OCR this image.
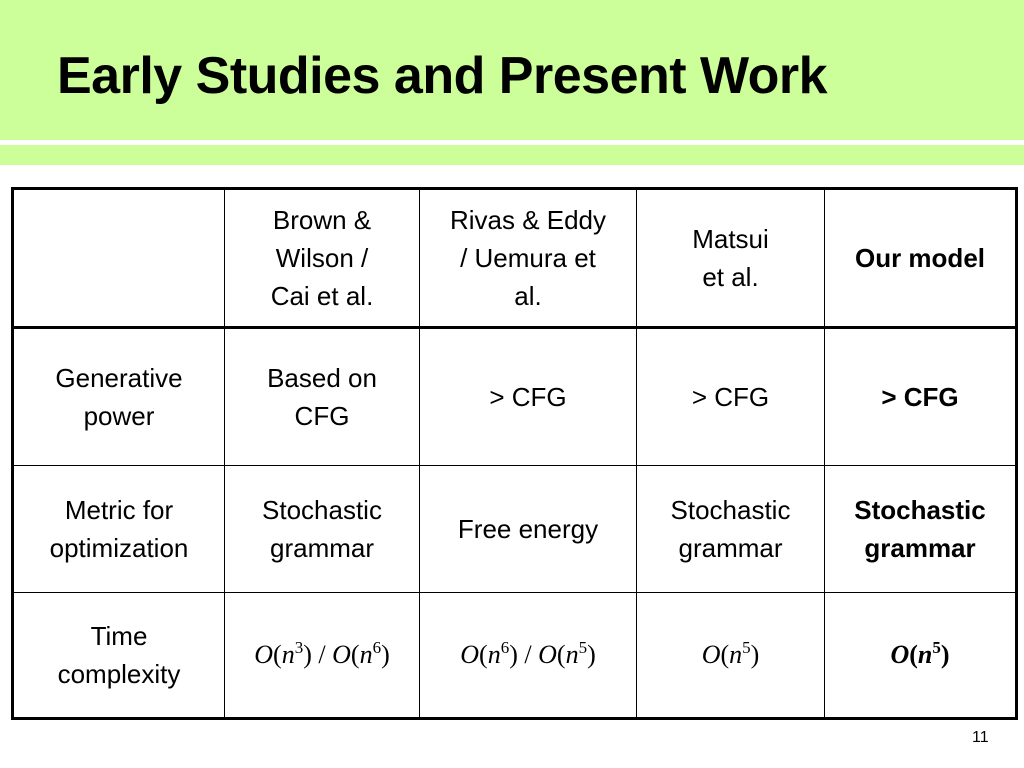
Early Studies and Present Work
	Brown &
Wilson /
Cai et al.	Rivas & Eddy
/ Uemura et
al.	Matsui
et al.	Our model
Generative
power	Based on
CFG	> CFG	> CFG	> CFG
Metric for
optimization	Stochastic
grammar	Free energy	Stochastic
grammar	Stochastic
grammar
Time
complexity	$O(n^3) / O(n^6)$	$O(n^6) / O(n^5)$	$O(n^5)$	$O(n^5)$
11
